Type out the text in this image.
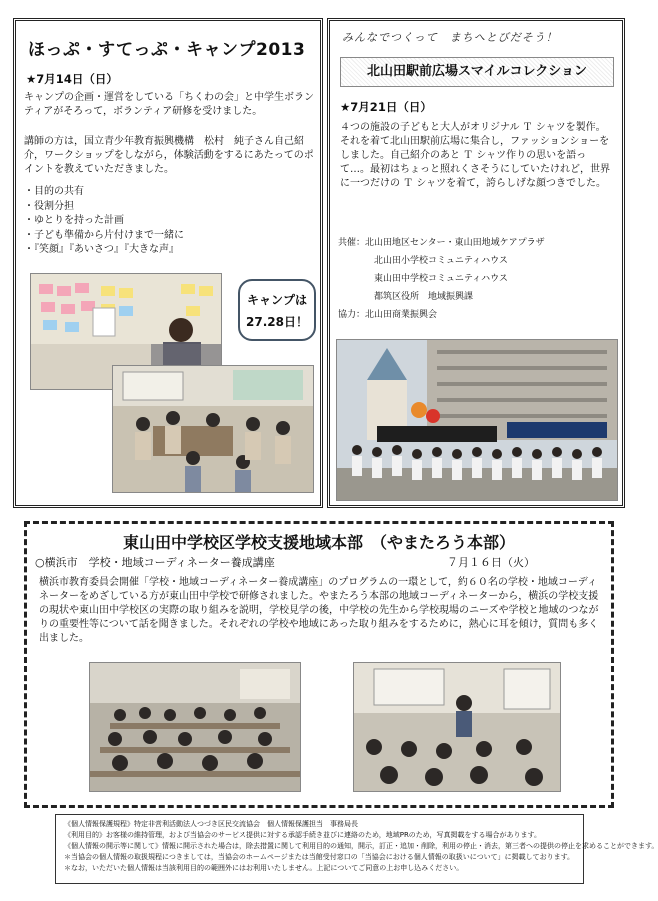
ほっぷ・すてっぷ・キャンプ2013
★7月14日（日）
キャンプの企画・運営をしている「ちくわの会」と中学生ボランティアがそろって，ボランティア研修を受けました。
講師の方は，国立青少年教育振興機構　松村　純子さん自己紹介，ワークショップをしながら，体験活動をするにあたってのポイントを教えていただきました。
・目的の共有
・役割分担
・ゆとりを持った計画
・子ども準備から片付けまで一緒に
・『笑顔』『あいさつ』『大きな声』
キャンプは
27.28日！
みんなでつくって　まちへとびだそう！
北山田駅前広場スマイルコレクション
★7月21日（日）
４つの施設の子どもと大人がオリジナル Ｔ シャツを製作。それを着て北山田駅前広場に集合し，ファッションショーをしました。自己紹介のあと Ｔ シャツ作りの思いを語って…。最初はちょっと照れくさそうにしていたけれど，世界に一つだけの Ｔ シャツを着て，誇らしげな顔つきでした。
共催：北山田地区センター・東山田地域ケアプラザ
北山田小学校コミュニティハウス
東山田中学校コミュニティハウス
都筑区役所　地域振興課
協力：北山田商業振興会
東山田中学校区学校支援地域本部　（やまたろう本部）
○横浜市　学校・地域コーディネーター養成講座	７月１６日（火）
横浜市教育委員会開催「学校・地域コーディネーター養成講座」のプログラムの一環として，約６０名の学校・地域コーディネーターをめざしている方が東山田中学校で研修されました。やまたろう本部の地域コーディネーターから，横浜の学校支援の現状や東山田中学校区の実際の取り組みを説明，学校見学の後，中学校の先生から学校現場のニーズや学校と地域のつながりの重要性等について話を聞きました。それぞれの学校や地域にあった取り組みをするために，熱心に耳を傾け，質問も多く出ました。
《個人情報保護規程》特定非営利活動法人つづき区民交流協会　個人情報保護担当　事務局長
《利用目的》お客様の維持管理，および当協会のサービス提供に対する承認手続き並びに連絡のため，地域PRのため，写真掲載をする場合があります。
《個人情報の開示等に関して》情報に開示された場合は，除去措置に関して利用目的の通知，開示，訂正・追加・削除，利用の停止・消去，第三者への提供の停止を求めることができます。
＊当協会の個人情報の取扱規程につきましては，当協会のホームページまたは当館受付窓口の「当協会における個人情報の取扱いについて」に掲載しております。
＊なお，いただいた個人情報は当該利用目的の範囲外にはお利用いたしません。上記についてご同意の上お申し込みください。
